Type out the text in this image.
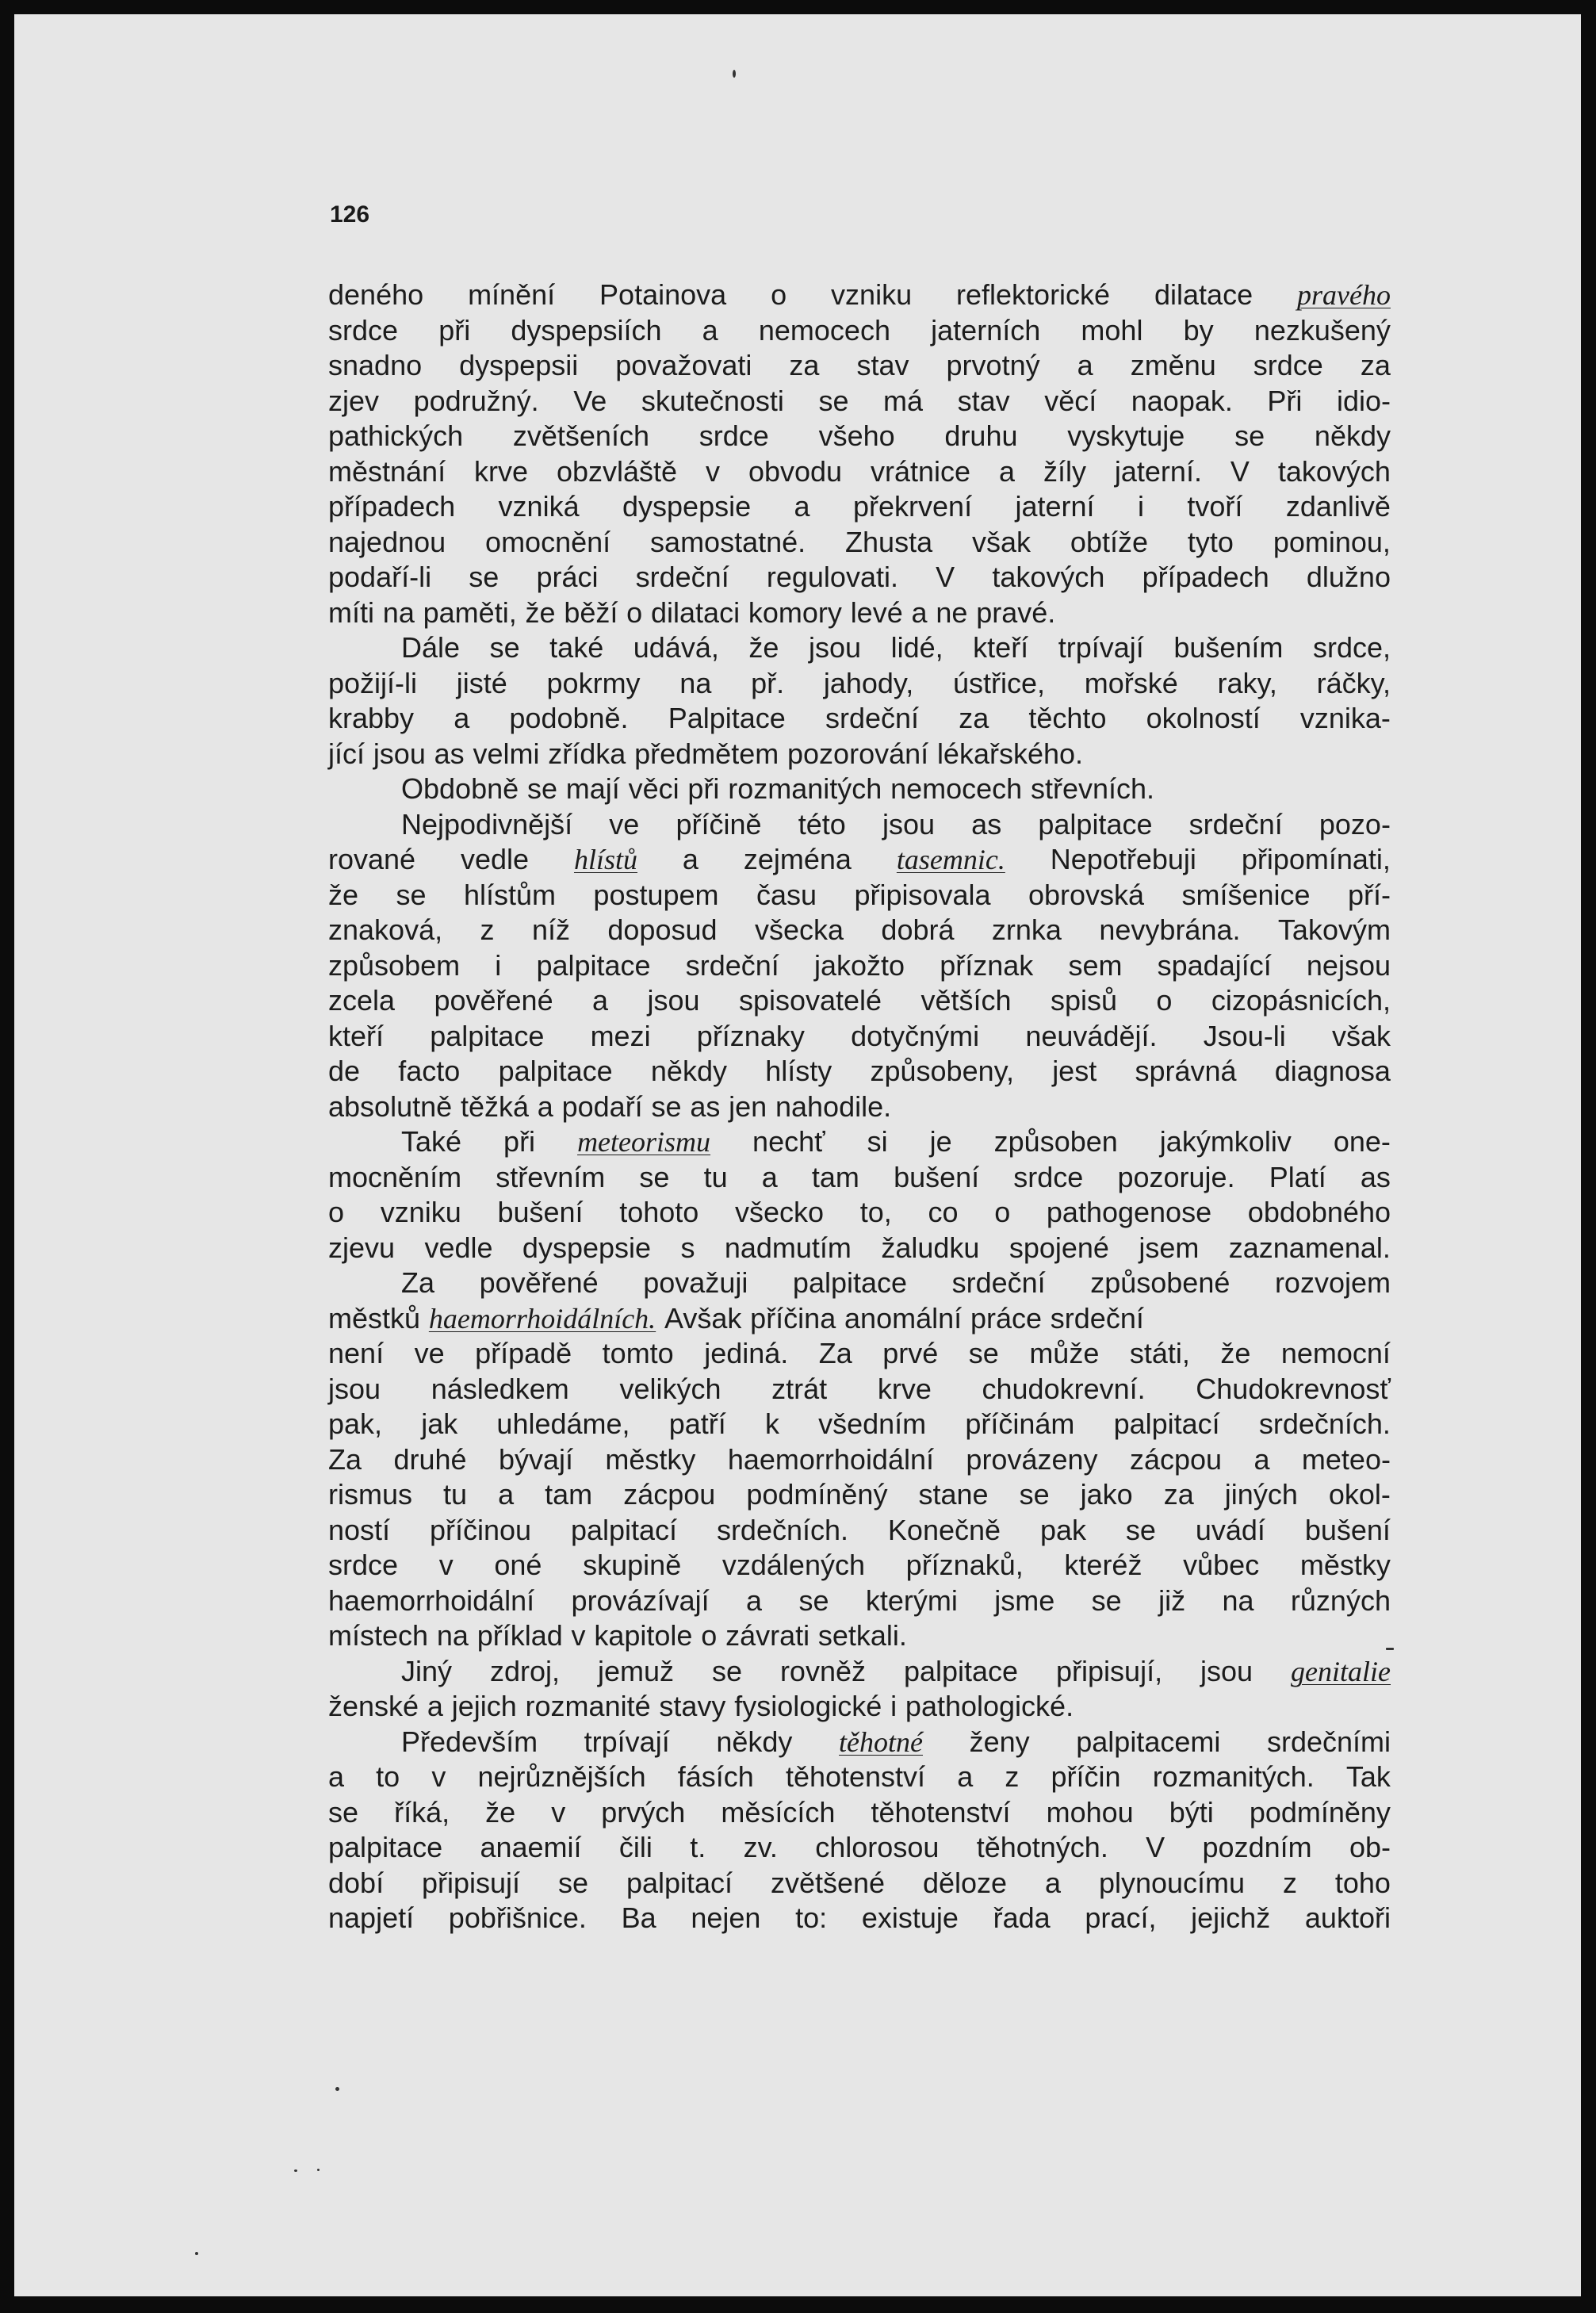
126
deného mínění Potainova o vzniku reflektorické dilatace pravého
srdce při dyspepsiích a nemocech jaterních mohl by nezkušený
snadno dyspepsii považovati za stav prvotný a změnu srdce za
zjev podružný. Ve skutečnosti se má stav věcí naopak. Při idio-
pathických zvětšeních srdce všeho druhu vyskytuje se někdy
městnání krve obzvláště v obvodu vrátnice a žíly jaterní. V takových
případech vzniká dyspepsie a překrvení jaterní i tvoří zdanlivě
najednou omocnění samostatné. Zhusta však obtíže tyto pominou,
podaří-li se práci srdeční regulovati. V takových případech dlužno
míti na paměti, že běží o dilataci komory levé a ne pravé.
Dále se také udává, že jsou lidé, kteří trpívají bušením srdce,
požijí-li jisté pokrmy na př. jahody, ústřice, mořské raky, ráčky,
krabby a podobně. Palpitace srdeční za těchto okolností vznika-
jící jsou as velmi zřídka předmětem pozorování lékařského.
Obdobně se mají věci při rozmanitých nemocech střevních.
Nejpodivnější ve příčině této jsou as palpitace srdeční pozo-
rované vedle hlístů a zejména tasemnic. Nepotřebuji připomínati,
že se hlístům postupem času připisovala obrovská smíšenice pří-
znaková, z níž doposud všecka dobrá zrnka nevybrána. Takovým
způsobem i palpitace srdeční jakožto příznak sem spadající nejsou
zcela pověřené a jsou spisovatelé větších spisů o cizopásnicích,
kteří palpitace mezi příznaky dotyčnými neuvádějí. Jsou-li však
de facto palpitace někdy hlísty způsobeny, jest správná diagnosa
absolutně těžká a podaří se as jen nahodile.
Také při meteorismu nechť si je způsoben jakýmkoliv one-
mocněním střevním se tu a tam bušení srdce pozoruje. Platí as
o vzniku bušení tohoto všecko to, co o pathogenose obdobného
zjevu vedle dyspepsie s nadmutím žaludku spojené jsem zaznamenal.
Za pověřené považuji palpitace srdeční způsobené rozvojem
městků haemorrhoidálních. Avšak příčina anomální práce srdeční
není ve případě tomto jediná. Za prvé se může státi, že nemocní
jsou následkem velikých ztrát krve chudokrevní. Chudokrevnosť
pak, jak uhledáme, patří k všedním příčinám palpitací srdečních.
Za druhé bývají městky haemorrhoidální provázeny zácpou a meteo-
rismus tu a tam zácpou podmíněný stane se jako za jiných okol-
ností příčinou palpitací srdečních. Konečně pak se uvádí bušení
srdce v oné skupině vzdálených příznaků, kteréž vůbec městky
haemorrhoidální provázívají a se kterými jsme se již na různých
místech na příklad v kapitole o závrati setkali.
Jiný zdroj, jemuž se rovněž palpitace připisují, jsou genitalie
ženské a jejich rozmanité stavy fysiologické i pathologické.
Především trpívají někdy těhotné ženy palpitacemi srdečními
a to v nejrůznějších fásích těhotenství a z příčin rozmanitých. Tak
se říká, že v prvých měsících těhotenství mohou býti podmíněny
palpitace anaemií čili t. zv. chlorosou těhotných. V pozdním ob-
dobí připisují se palpitací zvětšené děloze a plynoucímu z toho
napjetí pobřišnice. Ba nejen to: existuje řada prací, jejichž auktoři
